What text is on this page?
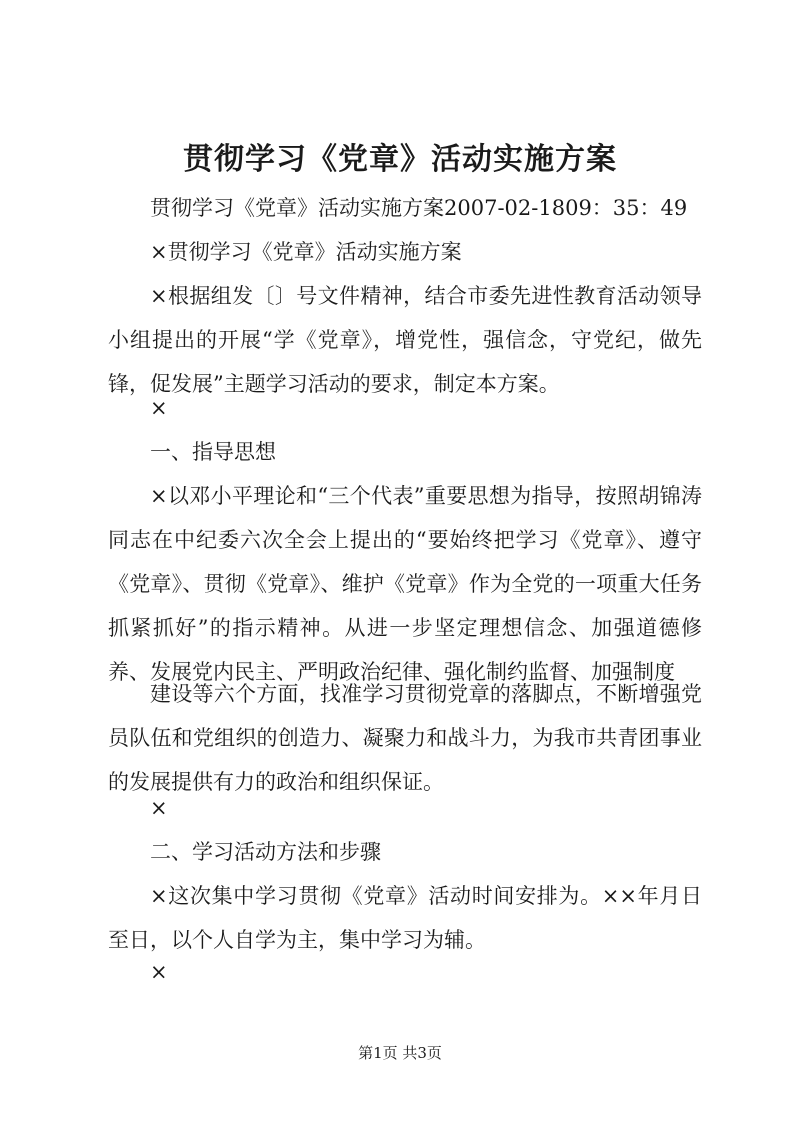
贯彻学习《党章》活动实施方案

贯彻学习《党章》活动实施方案2007-02-1809：35：49

×贯彻学习《党章》活动实施方案

×根据组发〔〕号文件精神，结合市委先进性教育活动领导小组提出的开展“学《党章》，增党性，强信念，守党纪，做先锋，促发展”主题学习活动的要求，制定本方案。

×

一、指导思想

×以邓小平理论和“三个代表”重要思想为指导，按照胡锦涛同志在中纪委六次全会上提出的“要始终把学习《党章》、遵守《党章》、贯彻《党章》、维护《党章》作为全党的一项重大任务抓紧抓好”的指示精神。从进一步坚定理想信念、加强道德修养、发展党内民主、严明政治纪律、强化制约监督、加强制度

建设等六个方面，找准学习贯彻党章的落脚点，不断增强党员队伍和党组织的创造力、凝聚力和战斗力，为我市共青团事业的发展提供有力的政治和组织保证。

×

二、学习活动方法和步骤

×这次集中学习贯彻《党章》活动时间安排为。××年月日至日，以个人自学为主，集中学习为辅。

×

第1页 共3页
